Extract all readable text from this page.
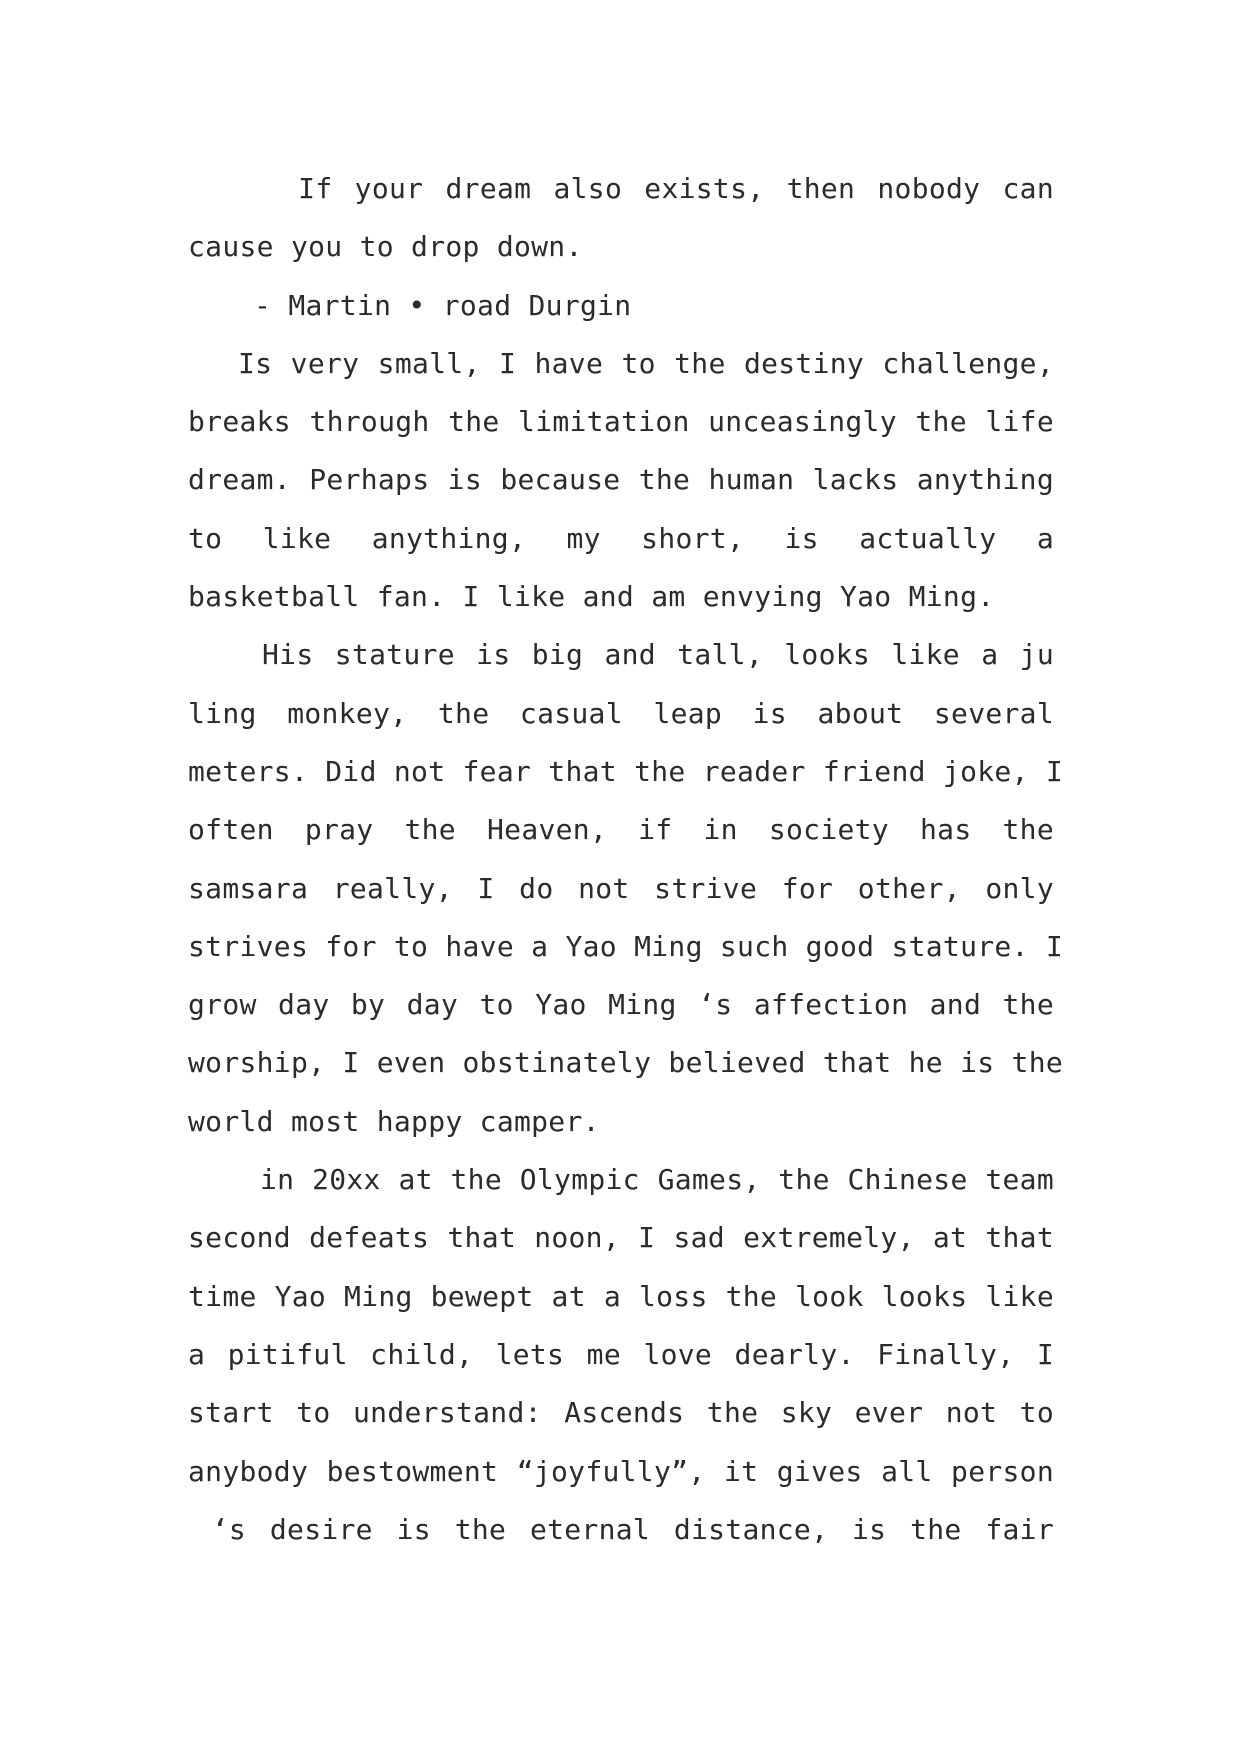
If your dream also exists, then nobody can
cause you to drop down.
- Martin • road Durgin
Is very small, I have to the destiny challenge,
breaks through the limitation unceasingly the life
dream. Perhaps is because the human lacks anything
to like anything, my short, is actually a
basketball fan. I like and am envying Yao Ming.
His stature is big and tall, looks like a ju
ling monkey, the casual leap is about several
meters. Did not fear that the reader friend joke, I
often pray the Heaven, if in society has the
samsara really, I do not strive for other, only
strives for to have a Yao Ming such good stature. I
grow day by day to Yao Ming ‘s affection and the
worship, I even obstinately believed that he is the
world most happy camper.
in 20xx at the Olympic Games, the Chinese team
second defeats that noon, I sad extremely, at that
time Yao Ming bewept at a loss the look looks like
a pitiful child, lets me love dearly. Finally, I
start to understand: Ascends the sky ever not to
anybody bestowment “joyfully”, it gives all person
‘s desire is the eternal distance, is the fair
